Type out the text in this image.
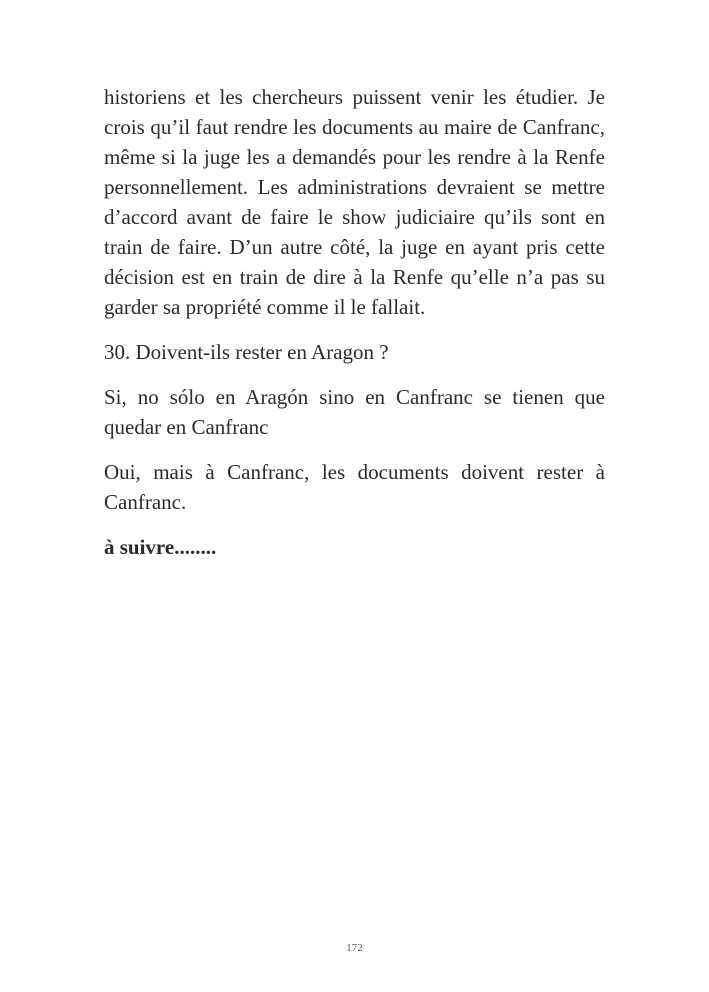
historiens et les chercheurs puissent venir les étudier. Je crois qu’il faut rendre les documents au maire de Canfranc, même si la juge les a demandés pour les rendre à la Renfe personnellement. Les administrations devraient se mettre d’accord avant de faire le show judiciaire qu’ils sont en train de faire. D’un autre côté, la juge en ayant pris cette décision est en train de dire à la Renfe qu’elle n’a pas su garder sa propriété comme il le fallait.

30. Doivent-ils rester en Aragon ?

Si, no sólo en Aragón sino en Canfranc se tienen que quedar en Canfranc

Oui, mais à Canfranc, les documents doivent rester à Canfranc.

à suivre........

172
